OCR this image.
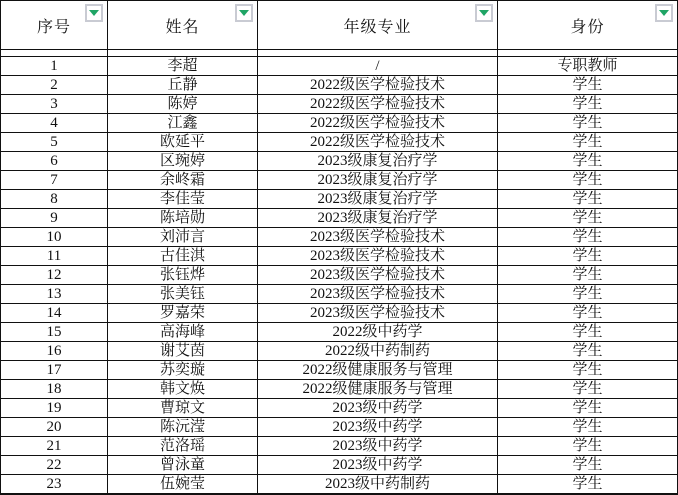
序号	姓名	年级专业	身份
1	李超	/	专职教师
2	丘静	2022级医学检验技术	学生
3	陈婷	2022级医学检验技术	学生
4	江鑫	2022级医学检验技术	学生
5	欧延平	2022级医学检验技术	学生
6	区琬婷	2023级康复治疗学	学生
7	余峂霜	2023级康复治疗学	学生
8	李佳莹	2023级康复治疗学	学生
9	陈培勋	2023级康复治疗学	学生
10	刘沛言	2023级医学检验技术	学生
11	古佳淇	2023级医学检验技术	学生
12	张钰烨	2023级医学检验技术	学生
13	张美钰	2023级医学检验技术	学生
14	罗嘉荣	2023级医学检验技术	学生
15	高海峰	2022级中药学	学生
16	谢艾茵	2022级中药制药	学生
17	苏奕璇	2022级健康服务与管理	学生
18	韩文焕	2022级健康服务与管理	学生
19	曹琼文	2023级中药学	学生
20	陈沅滢	2023级中药学	学生
21	范洛瑶	2023级中药学	学生
22	曾泳童	2023级中药学	学生
23	伍婉莹	2023级中药制药	学生
